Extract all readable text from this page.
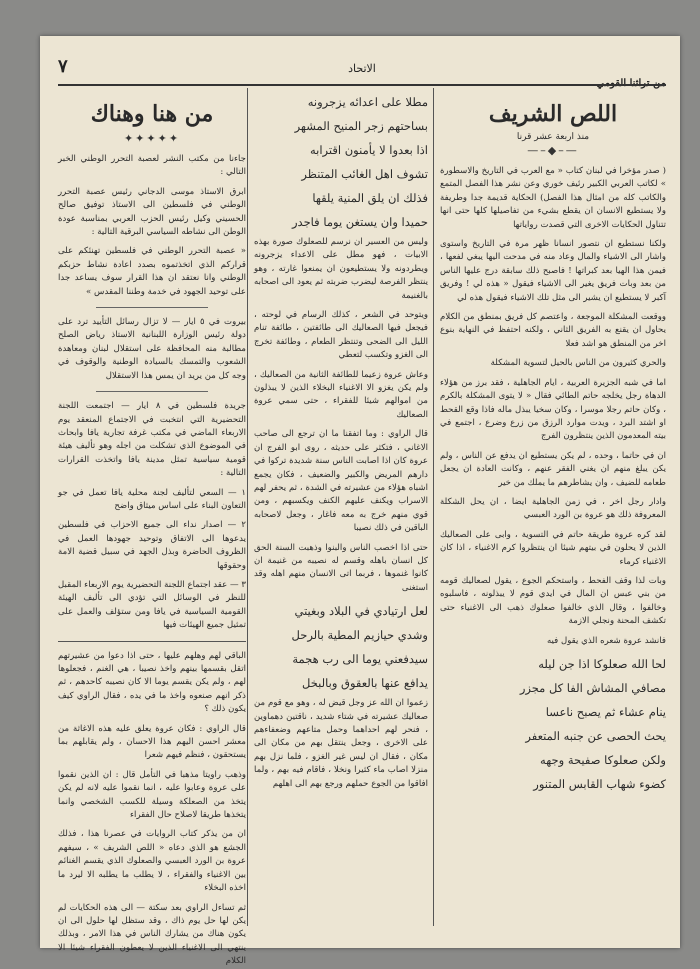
الاتحاد
من تراثنا القومي
٧
اللص الشريف
منذ اربعة عشر قرنا
—–◆–—

( صدر مؤخرا في لبنان كتاب « مع العرب في التاريخ والاسطورة » لكاتب العربي الكبير رئيف خوري وعن نشر هذا الفصل المتمع والكاتب كله من امثال هذا الفصل) الحكاية قديمة جدا وطريفة ولا يستطيع الانسان ان يقطع بشيء من تفاصيلها كلها حتى انها تتناول الحكايات الاخرى التي قصدت رواياتها

ولكنا نستطيع ان نتصور انسانا ظهر مرة في التاريخ واستوى واشار الى الاشياء والمال وعاد منه في مدحت اليها يبغي لفعها ، فيمن هذا الهيا بعد كبراتها ! فاصبح ذلك سابقة درج عليها الناس من بعد وبات فريق يغير الى الاشياء فيقول « هذه لي ! وفريق آكبر لا يستطيع ان يشير الى مثل تلك الاشياء فيقول هذه لي

ووقعت المشكلة الموجعة ، واعتصم كل فريق بمنطق من الكلام يحاول ان يقنع به الفريق الثاني ، ولكنه احتفظ في النهاية بنوع اخر من المنطق هو اشد فعلا

والحري كثيرون من الناس بالحيل لتسوية المشكلة

اما في شبه الجزيرة العربية ، ايام الجاهلية ، فقد برز من هؤلاء الدهاة رجل يخلجه حاتم الطائي فقال « لا يتوى المشكلة بالكرم ، وكان حاتم رجلا موسرا ، وكان سخيا يبذل ماله فاذا وقع القحط او اشتد البرد ، ويدت موارد الرزق من زرع وضرع ، اجتمع في بيته المعدمون الذين ينتظرون الفرج

ان في حاتما ، وحده ، لم يكن يستطيع ان يدفع عن الناس ، ولم يكن يبلغ منهم ان يغني الفقر عنهم ، وكانت العادة ان يجعل طعامه للضيف ، وان يشاطرهم ما يملك من خير

وادار رجل اخر ، في زمن الجاهلية ايضا ، ان يحل الشكلة المعروفة ذلك هو عروة بن الورد العبسي

لقد كره عروة طريقة حاتم في التسوية ، وابى على الصعاليك الذين لا يحلون في بيتهم شيئا ان ينتظروا كرم الاغنياء ، اذا كان الاغنياء كرماء

وبات لذا وقف الفحط ، واستحكم الجوع ، يقول لصعاليك قومه من بني عبس ان المال في ايدي قوم لا يبذلونه ، فاسلبوه وخالفوا ، وقال الذي خالفوا صعلوك ذهب الى الاغنياء حتى تكشف المحنة ونجلي الازمة

فانشد عروة شعره الذي يقول فيه

لحا الله صعلوكا اذا جن ليله
مصافي المشاش الفا كل مجزر
ينام عشاء ثم يصبح ناعسا
يحث الحصى عن جنبه المتعفر
ولكن صعلوكا صفيحة وجهه
كضوء شهاب القابس المتنور
مطلا على اعدائه يزجرونه
بساحتهم زجر المنيح المشهر
اذا بعدوا لا يأمنون اقترابه
تشوف اهل الغائب المتنظر
فذلك ان يلق المنية يلقها
حميدا وان يستغن يوما فاجدر

وليس من العسير ان نرسم للصعلوك صورة بهذه الابيات ، فهو مطل على الاعداء يزجرونه ويطردونه ولا يستطيعون ان يمنعوا غارته ، وهو ينتظر الفرصة ليضرب ضربته ثم يعود الى اصحابه بالغنيمة

ويتوحد في الشعر ، كذلك الرسام في لوحته ، فيجعل فيها الصعاليك الى طائفتين ، طائفة تنام الليل الى الضحى وتنتظر الطعام ، وطائفة تخرج الى الغزو وتكسب لتعطي

وعاش عروة زعيما للطائفة الثانية من الصعاليك ، ولم يكن يغزو الا الاغنياء البخلاء الذين لا يبذلون من اموالهم شيئا للفقراء ، حتى سمي عروة الصعاليك

قال الراوي : وما اتفقنا ما ان ترجع الى صاحب الاغاني ، فتكثر على حديثه ، روى ابو الفرج ان عروة كان اذا اصابت الناس سنة شديدة تركوا في دارهم المريض والكبير والضعيف ، فكان يجمع اشباه هؤلاء من عشيرته في الشدة ، ثم يحفر لهم الاسراب ويكنف عليهم الكنف ويكسبهم ، ومن قوي منهم خرج به معه فاغار ، وجعل لاصحابه الباقين في ذلك نصيبا

حتى اذا اخصب الناس والبنوا وذهبت السنة الحق كل انسان باهله وقسم له نصيبه من غنيمة ان كانوا غنموها ، فربما اتى الانسان منهم اهله وقد استغنى

لعل ارتيادي في البلاد وبغيتي
وشدي حيازيم المطية بالرحل
سيدفعني يوما الى رب هجمة
يدافع عنها بالعقوق وبالبخل

زعموا ان الله عز وجل قيض له ، وهو مع قوم من صعاليك عشيرته في شتاء شديد ، ناقتين دهماوين ، فنحر لهم احداهما وحمل متاعهم وضعفاءهم على الاخرى ، وجعل ينتقل بهم من مكان الى مكان ، فقال ان ليس غير الغزو ، فلما نزل بهم منزلا اصاب ماء كثيرا ونخلا ، فاقام فيه بهم ، ولما افاقوا من الجوع حملهم ورجع بهم الى اهلهم

من هنا وهناك
✦✦✦✦✦

جاءنا من مكتب النشر لعصبة التحرر الوطني الخبر التالي :

ابرق الاستاذ موسى الدجاني رئيس عصبة التحرر الوطني في فلسطين الى الاستاذ توفيق صالح الحسيني وكيل رئيس الحزب العربي بمناسبة عودة الوطن الى نشاطه السياسي البرقية التالية :

« عصبة التحرر الوطني في فلسطين تهنئكم على قراركم الذي اتخذتموه بصدد اعادة نشاط حزبكم الوطني وانا نعتقد ان هذا القرار سوف يساعد جدا على توحيد الجهود في خدمة وطننا المقدس »

بيروت في ٥ ايار — لا تزال رسائل التأييد ترد على دولة رئيس الوزارة اللبنانية الاستاذ رياض الصلح مطالبة منه المحافظة على استقلال لبنان ومعاهدة الشعوب والتمسك بالسيادة الوطنية والوقوف في وجه كل من يريد ان يمس هذا الاستقلال

جريدة فلسطين في ٨ ايار — اجتمعت اللجنة التحضيرية التي انتخبت في الاجتماع المنعقد يوم الاربعاء الماضي في مكتب غرفة تجارية يافا وابحاث في الموضوع الذي تشكلت من اجله وهو تأليف هيئة قومية سياسية تمثل مدينة يافا واتخذت القرارات التالية :

١ — السعي لتأليف لجنة محلية يافا تعمل في جو التعاون البناء على اساس ميثاق واضح

٢ — اصدار نداء الى جميع الاحزاب في فلسطين يدعوها الى الاتفاق وتوحيد جهودها العمل في الظروف الحاضرة وبذل الجهد في سبيل قضية الامة وحقوقها

٣ — عقد اجتماع اللجنة التحضيرية يوم الاربعاء المقبل للنظر في الوسائل التي تؤدي الى تأليف الهيئة القومية السياسية في يافا ومن ستؤلف والعمل على تمثيل جميع الهيئات فيها

الباقي لهم وهلهم عليها ، حتى اذا دعوا من عشيرتهم اتقل بقسمها بينهم واخذ نصيبا ، هي الغنم ، فجعلوها لهم ، ولم يكن يقسم يوما الا كان نصيبه كاحدهم ، ثم ذكر انهم صنعوه واخذ ما في يده ، فقال الراوي كيف يكون ذلك ؟

قال الراوي : فكان عروة يعلق عليه هذه الاغاثة من معشر احسن اليهم هذا الاحسان ، ولم يقابلهم بما يستحقون ، فنظم فيهم شعرا

وذهب راويتا مذهبا في التأمل قال : ان الذين نقموا على عروة وعابوا عليه ، انما نقموا عليه لانه لم يكن يتخذ من الصعلكة وسيلة للكسب الشخصي وانما يتخذها طريقا لاصلاح حال الفقراء

ان من يذكر كتاب الروايات في عصرنا هذا ، فذلك الجشع هو الذي دعاه « اللص الشريف » ، سيفهم عروة بن الورد العبسي والصعلوك الذي يقسم الغنائم بين الاغنياء والفقراء ، لا يطلب ما يطلبه الا ليرد ما اخذه البخلاء

ثم تساءل الراوي بعد سكتة — الى هذه الحكايات لم يكن لها حل يوم ذاك ، وقد ستظل لها حلول الى ان يكون هناك من يشارك الناس في هذا الامر ، وبذلك ينتهي الى الاغنياء الذين لا يعطون الفقراء شيئا الا الكلام
